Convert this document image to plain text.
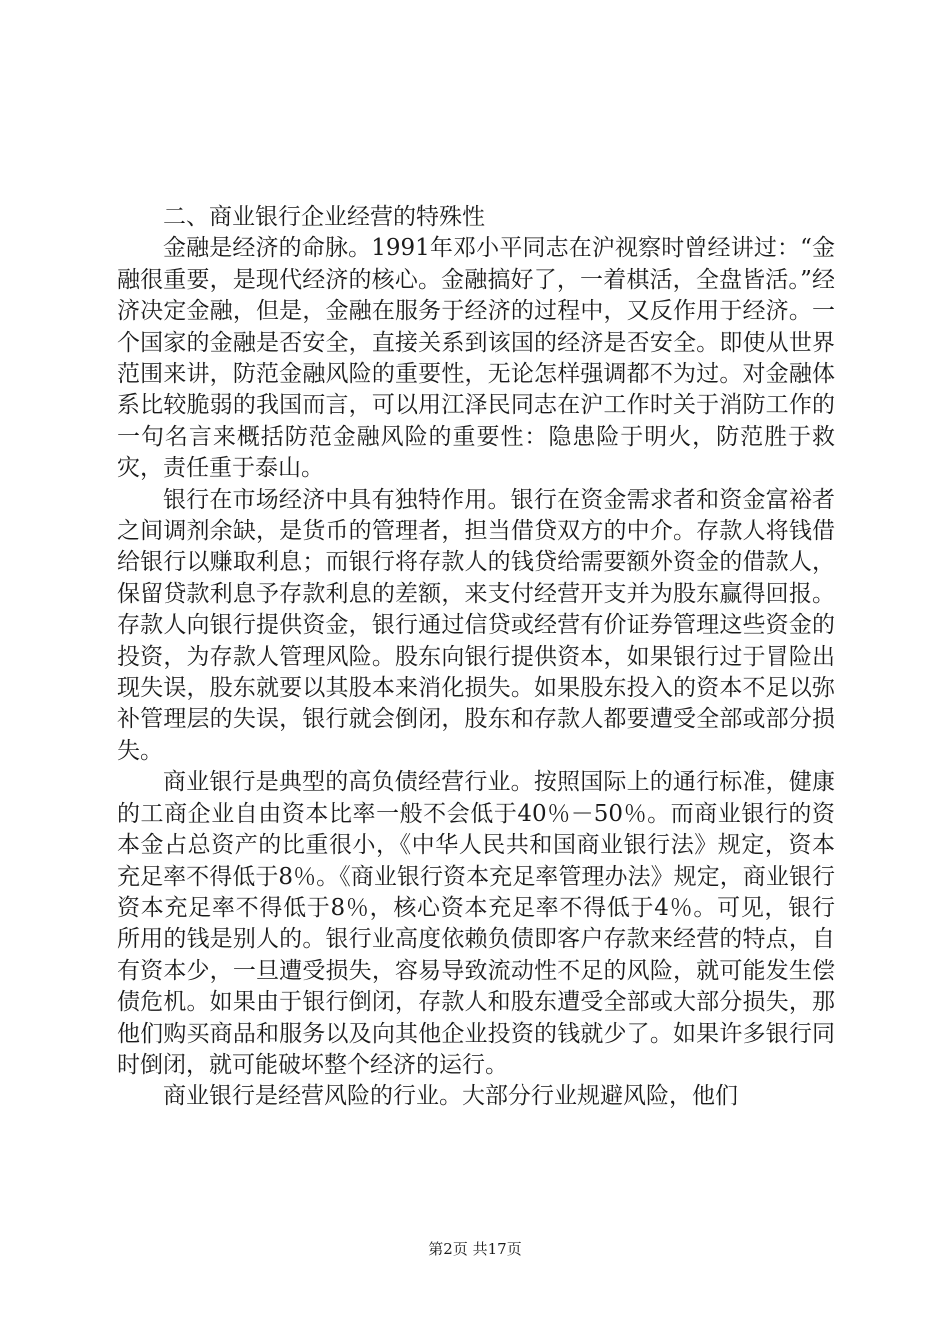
二、商业银行企业经营的特殊性

金融是经济的命脉。1991年邓小平同志在沪视察时曾经讲过：“金融很重要，是现代经济的核心。金融搞好了，一着棋活，全盘皆活。”经济决定金融，但是，金融在服务于经济的过程中，又反作用于经济。一个国家的金融是否安全，直接关系到该国的经济是否安全。即使从世界范围来讲，防范金融风险的重要性，无论怎样强调都不为过。对金融体系比较脆弱的我国而言，可以用江泽民同志在沪工作时关于消防工作的一句名言来概括防范金融风险的重要性：隐患险于明火，防范胜于救灾，责任重于泰山。

银行在市场经济中具有独特作用。银行在资金需求者和资金富裕者之间调剂余缺，是货币的管理者，担当借贷双方的中介。存款人将钱借给银行以赚取利息；而银行将存款人的钱贷给需要额外资金的借款人，保留贷款利息予存款利息的差额，来支付经营开支并为股东赢得回报。存款人向银行提供资金，银行通过信贷或经营有价证券管理这些资金的投资，为存款人管理风险。股东向银行提供资本，如果银行过于冒险出现失误，股东就要以其股本来消化损失。如果股东投入的资本不足以弥补管理层的失误，银行就会倒闭，股东和存款人都要遭受全部或部分损失。

商业银行是典型的高负债经营行业。按照国际上的通行标准，健康的工商企业自由资本比率一般不会低于40％－50％。而商业银行的资本金占总资产的比重很小，《中华人民共和国商业银行法》规定，资本充足率不得低于8％。《商业银行资本充足率管理办法》规定，商业银行资本充足率不得低于8％，核心资本充足率不得低于4％。可见，银行所用的钱是别人的。银行业高度依赖负债即客户存款来经营的特点，自有资本少，一旦遭受损失，容易导致流动性不足的风险，就可能发生偿债危机。如果由于银行倒闭，存款人和股东遭受全部或大部分损失，那他们购买商品和服务以及向其他企业投资的钱就少了。如果许多银行同时倒闭，就可能破坏整个经济的运行。

商业银行是经营风险的行业。大部分行业规避风险，他们

第2页 共17页
